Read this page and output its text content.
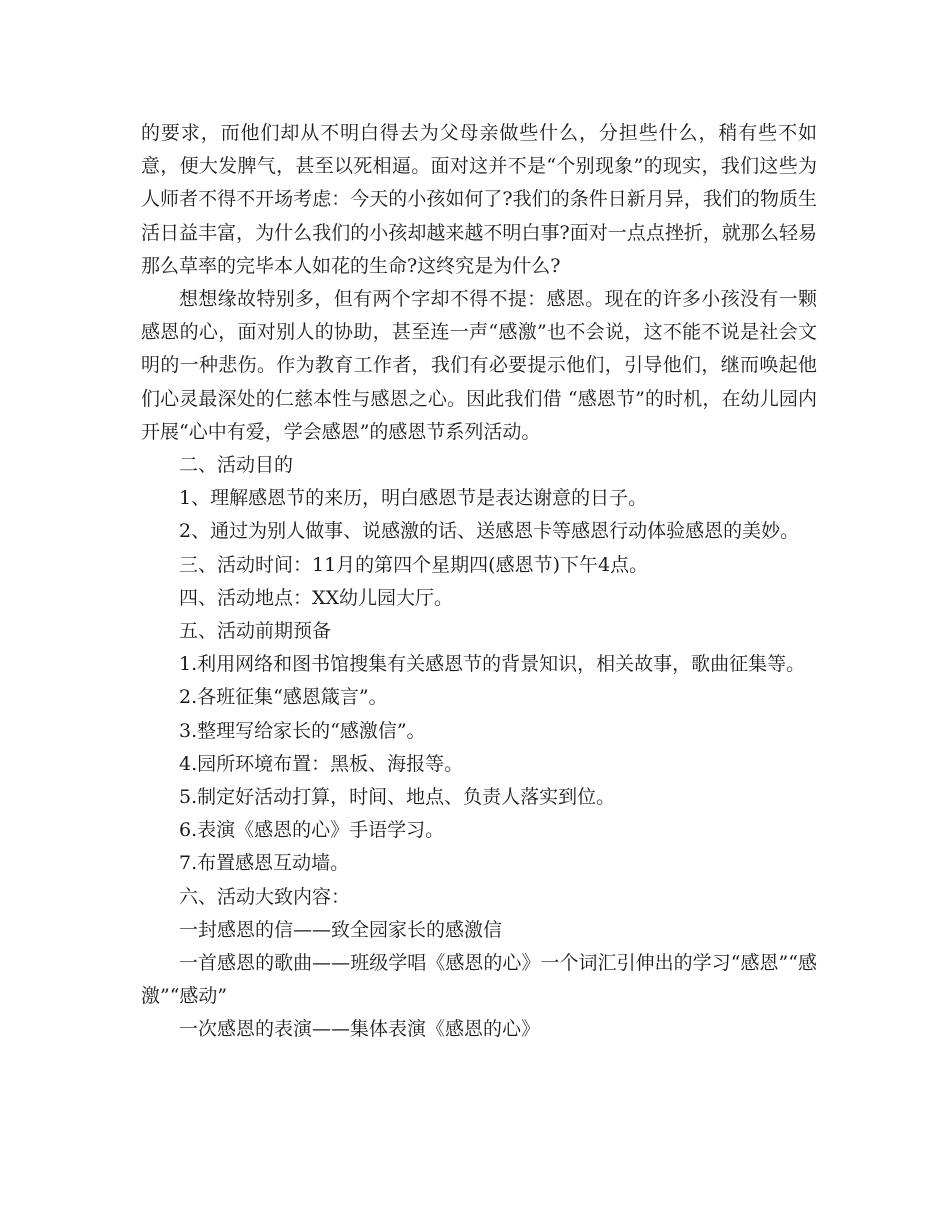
的要求，而他们却从不明白得去为父母亲做些什么，分担些什么，稍有些不如意，便大发脾气，甚至以死相逼。面对这并不是“个别现象”的现实，我们这些为人师者不得不开场考虑：今天的小孩如何了?我们的条件日新月异，我们的物质生活日益丰富，为什么我们的小孩却越来越不明白事?面对一点点挫折，就那么轻易那么草率的完毕本人如花的生命?这终究是为什么?

想想缘故特别多，但有两个字却不得不提：感恩。现在的许多小孩没有一颗感恩的心，面对别人的协助，甚至连一声“感激”也不会说，这不能不说是社会文明的一种悲伤。作为教育工作者，我们有必要提示他们，引导他们，继而唤起他们心灵最深处的仁慈本性与感恩之心。因此我们借 “感恩节”的时机，在幼儿园内开展“心中有爱，学会感恩”的感恩节系列活动。

二、活动目的

1、理解感恩节的来历，明白感恩节是表达谢意的日子。

2、通过为别人做事、说感激的话、送感恩卡等感恩行动体验感恩的美妙。

三、活动时间：11月的第四个星期四(感恩节)下午4点。

四、活动地点：XX幼儿园大厅。

五、活动前期预备

1.利用网络和图书馆搜集有关感恩节的背景知识，相关故事，歌曲征集等。

2.各班征集“感恩箴言”。

3.整理写给家长的“感激信”。

4.园所环境布置：黑板、海报等。

5.制定好活动打算，时间、地点、负责人落实到位。

6.表演《感恩的心》手语学习。

7.布置感恩互动墙。

六、活动大致内容：

一封感恩的信——致全园家长的感激信

一首感恩的歌曲——班级学唱《感恩的心》一个词汇引伸出的学习“感恩”“感激”“感动”

一次感恩的表演——集体表演《感恩的心》
